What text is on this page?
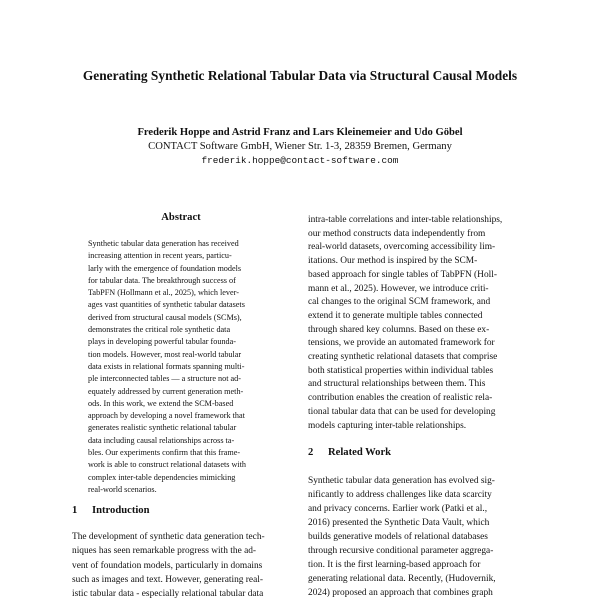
Generating Synthetic Relational Tabular Data via Structural Causal Models
Frederik Hoppe and Astrid Franz and Lars Kleinemeier and Udo Göbel
CONTACT Software GmbH, Wiener Str. 1-3, 28359 Bremen, Germany
frederik.hoppe@contact-software.com
Abstract
Synthetic tabular data generation has received
increasing attention in recent years, particu-
larly with the emergence of foundation models
for tabular data. The breakthrough success of
TabPFN (Hollmann et al., 2025), which lever-
ages vast quantities of synthetic tabular datasets
derived from structural causal models (SCMs),
demonstrates the critical role synthetic data
plays in developing powerful tabular founda-
tion models. However, most real-world tabular
data exists in relational formats spanning multi-
ple interconnected tables — a structure not ad-
equately addressed by current generation meth-
ods. In this work, we extend the SCM-based
approach by developing a novel framework that
generates realistic synthetic relational tabular
data including causal relationships across ta-
bles. Our experiments confirm that this frame-
work is able to construct relational datasets with
complex inter-table dependencies mimicking
real-world scenarios.
1 Introduction
The development of synthetic data generation tech-
niques has seen remarkable progress with the ad-
vent of foundation models, particularly in domains
such as images and text. However, generating real-
istic tabular data - especially relational tabular data
intra-table correlations and inter-table relationships,
our method constructs data independently from
real-world datasets, overcoming accessibility lim-
itations. Our method is inspired by the SCM-
based approach for single tables of TabPFN (Holl-
mann et al., 2025). However, we introduce criti-
cal changes to the original SCM framework, and
extend it to generate multiple tables connected
through shared key columns. Based on these ex-
tensions, we provide an automated framework for
creating synthetic relational datasets that comprise
both statistical properties within individual tables
and structural relationships between them. This
contribution enables the creation of realistic rela-
tional tabular data that can be used for developing
models capturing inter-table relationships.
2 Related Work
Synthetic tabular data generation has evolved sig-
nificantly to address challenges like data scarcity
and privacy concerns. Earlier work (Patki et al.,
2016) presented the Synthetic Data Vault, which
builds generative models of relational databases
through recursive conditional parameter aggrega-
tion. It is the first learning-based approach for
generating relational data. Recently, (Hudovernik,
2024) proposed an approach that combines graph
